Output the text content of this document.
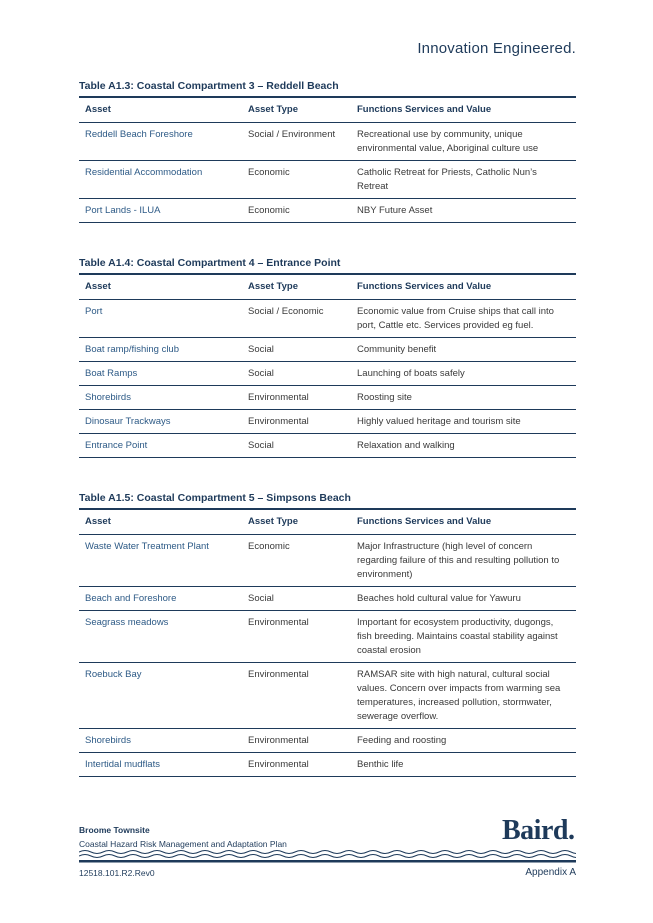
Innovation Engineered.
Table A1.3: Coastal Compartment 3 – Reddell Beach
Asset	Asset Type	Functions Services and Value
Reddell Beach Foreshore	Social / Environment	Recreational use by community, unique environmental value, Aboriginal culture use
Residential Accommodation	Economic	Catholic Retreat for Priests, Catholic Nun’s Retreat
Port Lands - ILUA	Economic	NBY Future Asset
Table A1.4: Coastal Compartment 4 – Entrance Point
Asset	Asset Type	Functions Services and Value
Port	Social / Economic	Economic value from Cruise ships that call into port, Cattle etc. Services provided eg fuel.
Boat ramp/fishing club	Social	Community benefit
Boat Ramps	Social	Launching of boats safely
Shorebirds	Environmental	Roosting site
Dinosaur Trackways	Environmental	Highly valued heritage and tourism site
Entrance Point	Social	Relaxation and walking
Table A1.5: Coastal Compartment 5 – Simpsons Beach
Asset	Asset Type	Functions Services and Value
Waste Water Treatment Plant	Economic	Major Infrastructure (high level of concern regarding failure of this and resulting pollution to environment)
Beach and Foreshore	Social	Beaches hold cultural value for Yawuru
Seagrass meadows	Environmental	Important for ecosystem productivity, dugongs, fish breeding. Maintains coastal stability against coastal erosion
Roebuck Bay	Environmental	RAMSAR site with high natural, cultural social values. Concern over impacts from warming sea temperatures, increased pollution, stormwater, sewerage overflow.
Shorebirds	Environmental	Feeding and roosting
Intertidal mudflats	Environmental	Benthic life
Broome Townsite
Coastal Hazard Risk Management and Adaptation Plan	Baird.
12518.101.R2.Rev0	Appendix A
